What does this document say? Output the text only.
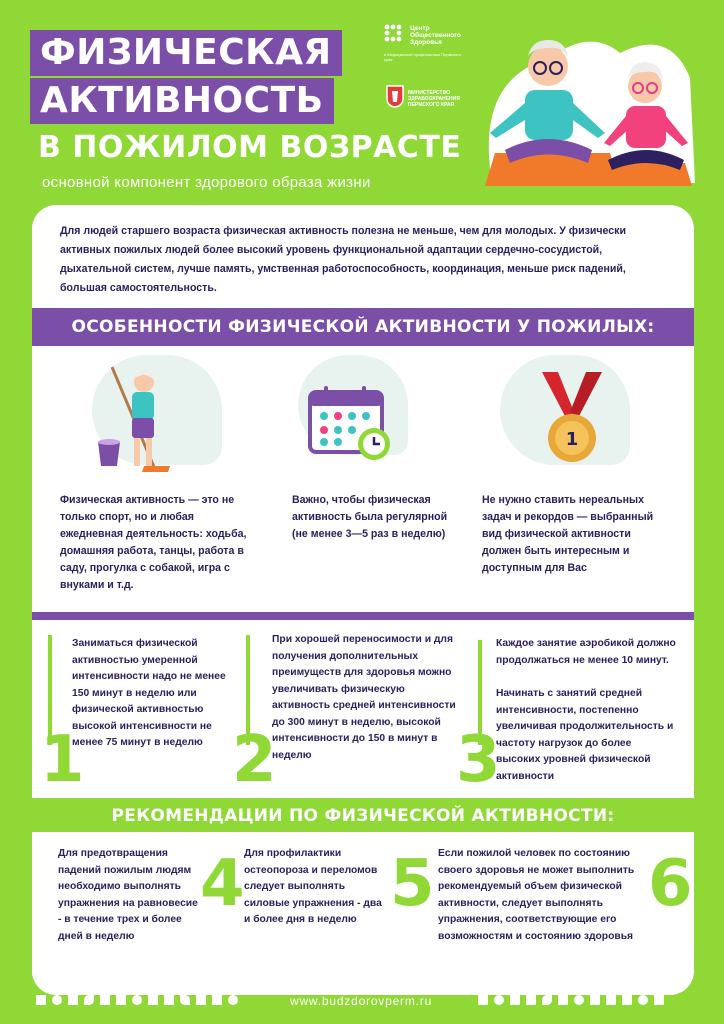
ФИЗИЧЕСКАЯ
АКТИВНОСТЬ
В ПОЖИЛОМ ВОЗРАСТЕ
основной компонент здорового образа жизни
Центр Общественного Здоровья
и Медицинской профилактики Пермского края
МИНИСТЕРСТВО ЗДРАВООХРАНЕНИЯ ПЕРМСКОГО КРАЯ
Для людей старшего возраста физическая активность полезна не меньше, чем для молодых. У физически активных пожилых людей более высокий уровень функциональной адаптации сердечно-сосудистой, дыхательной систем, лучше память, умственная работоспособность, координация, меньше риск падений, большая самостоятельность.
ОСОБЕННОСТИ ФИЗИЧЕСКОЙ АКТИВНОСТИ У ПОЖИЛЫХ:
1
Физическая активность — это не только спорт, но и любая ежедневная деятельность: ходьба, домашняя работа, танцы, работа в саду, прогулка с собакой, игра с внуками и т.д.
Важно, чтобы физическая активность была регулярной (не менее 3—5 раз в неделю)
Не нужно ставить нереальных задач и рекордов — выбранный вид физической активности должен быть интересным и доступным для Вас
1 2	3
Заниматься физической активностью умеренной интенсивности надо не менее 150 минут в неделю или физической активностью высокой интенсивности не менее 75 минут в неделю
При хорошей переносимости и для получения дополнительных преимуществ для здоровья можно увеличивать физическую активность средней интенсивности до 300 минут в неделю, высокой интенсивности до 150 в минут в неделю
Каждое занятие аэробикой должно продолжаться не менее 10 минут.
Начинать с занятий средней интенсивности, постепенно увеличивая продолжительность и частоту нагрузок до более высоких уровней физической активности
РЕКОМЕНДАЦИИ ПО ФИЗИЧЕСКОЙ АКТИВНОСТИ:
Для предотвращения падений пожилым людям необходимо выполнять упражнения на равновесие - в течение трех и более дней в неделю
Для профилактики остеопороза и переломов следует выполнять силовые упражнения - два и более дня в неделю
Если пожилой человек по состоянию своего здоровья не может выполнить рекомендуемый объем физической активности, следует выполнять упражнения, соответствующие его возможностям и состоянию здоровья
4 5	6
www.budzdorovperm.ru
